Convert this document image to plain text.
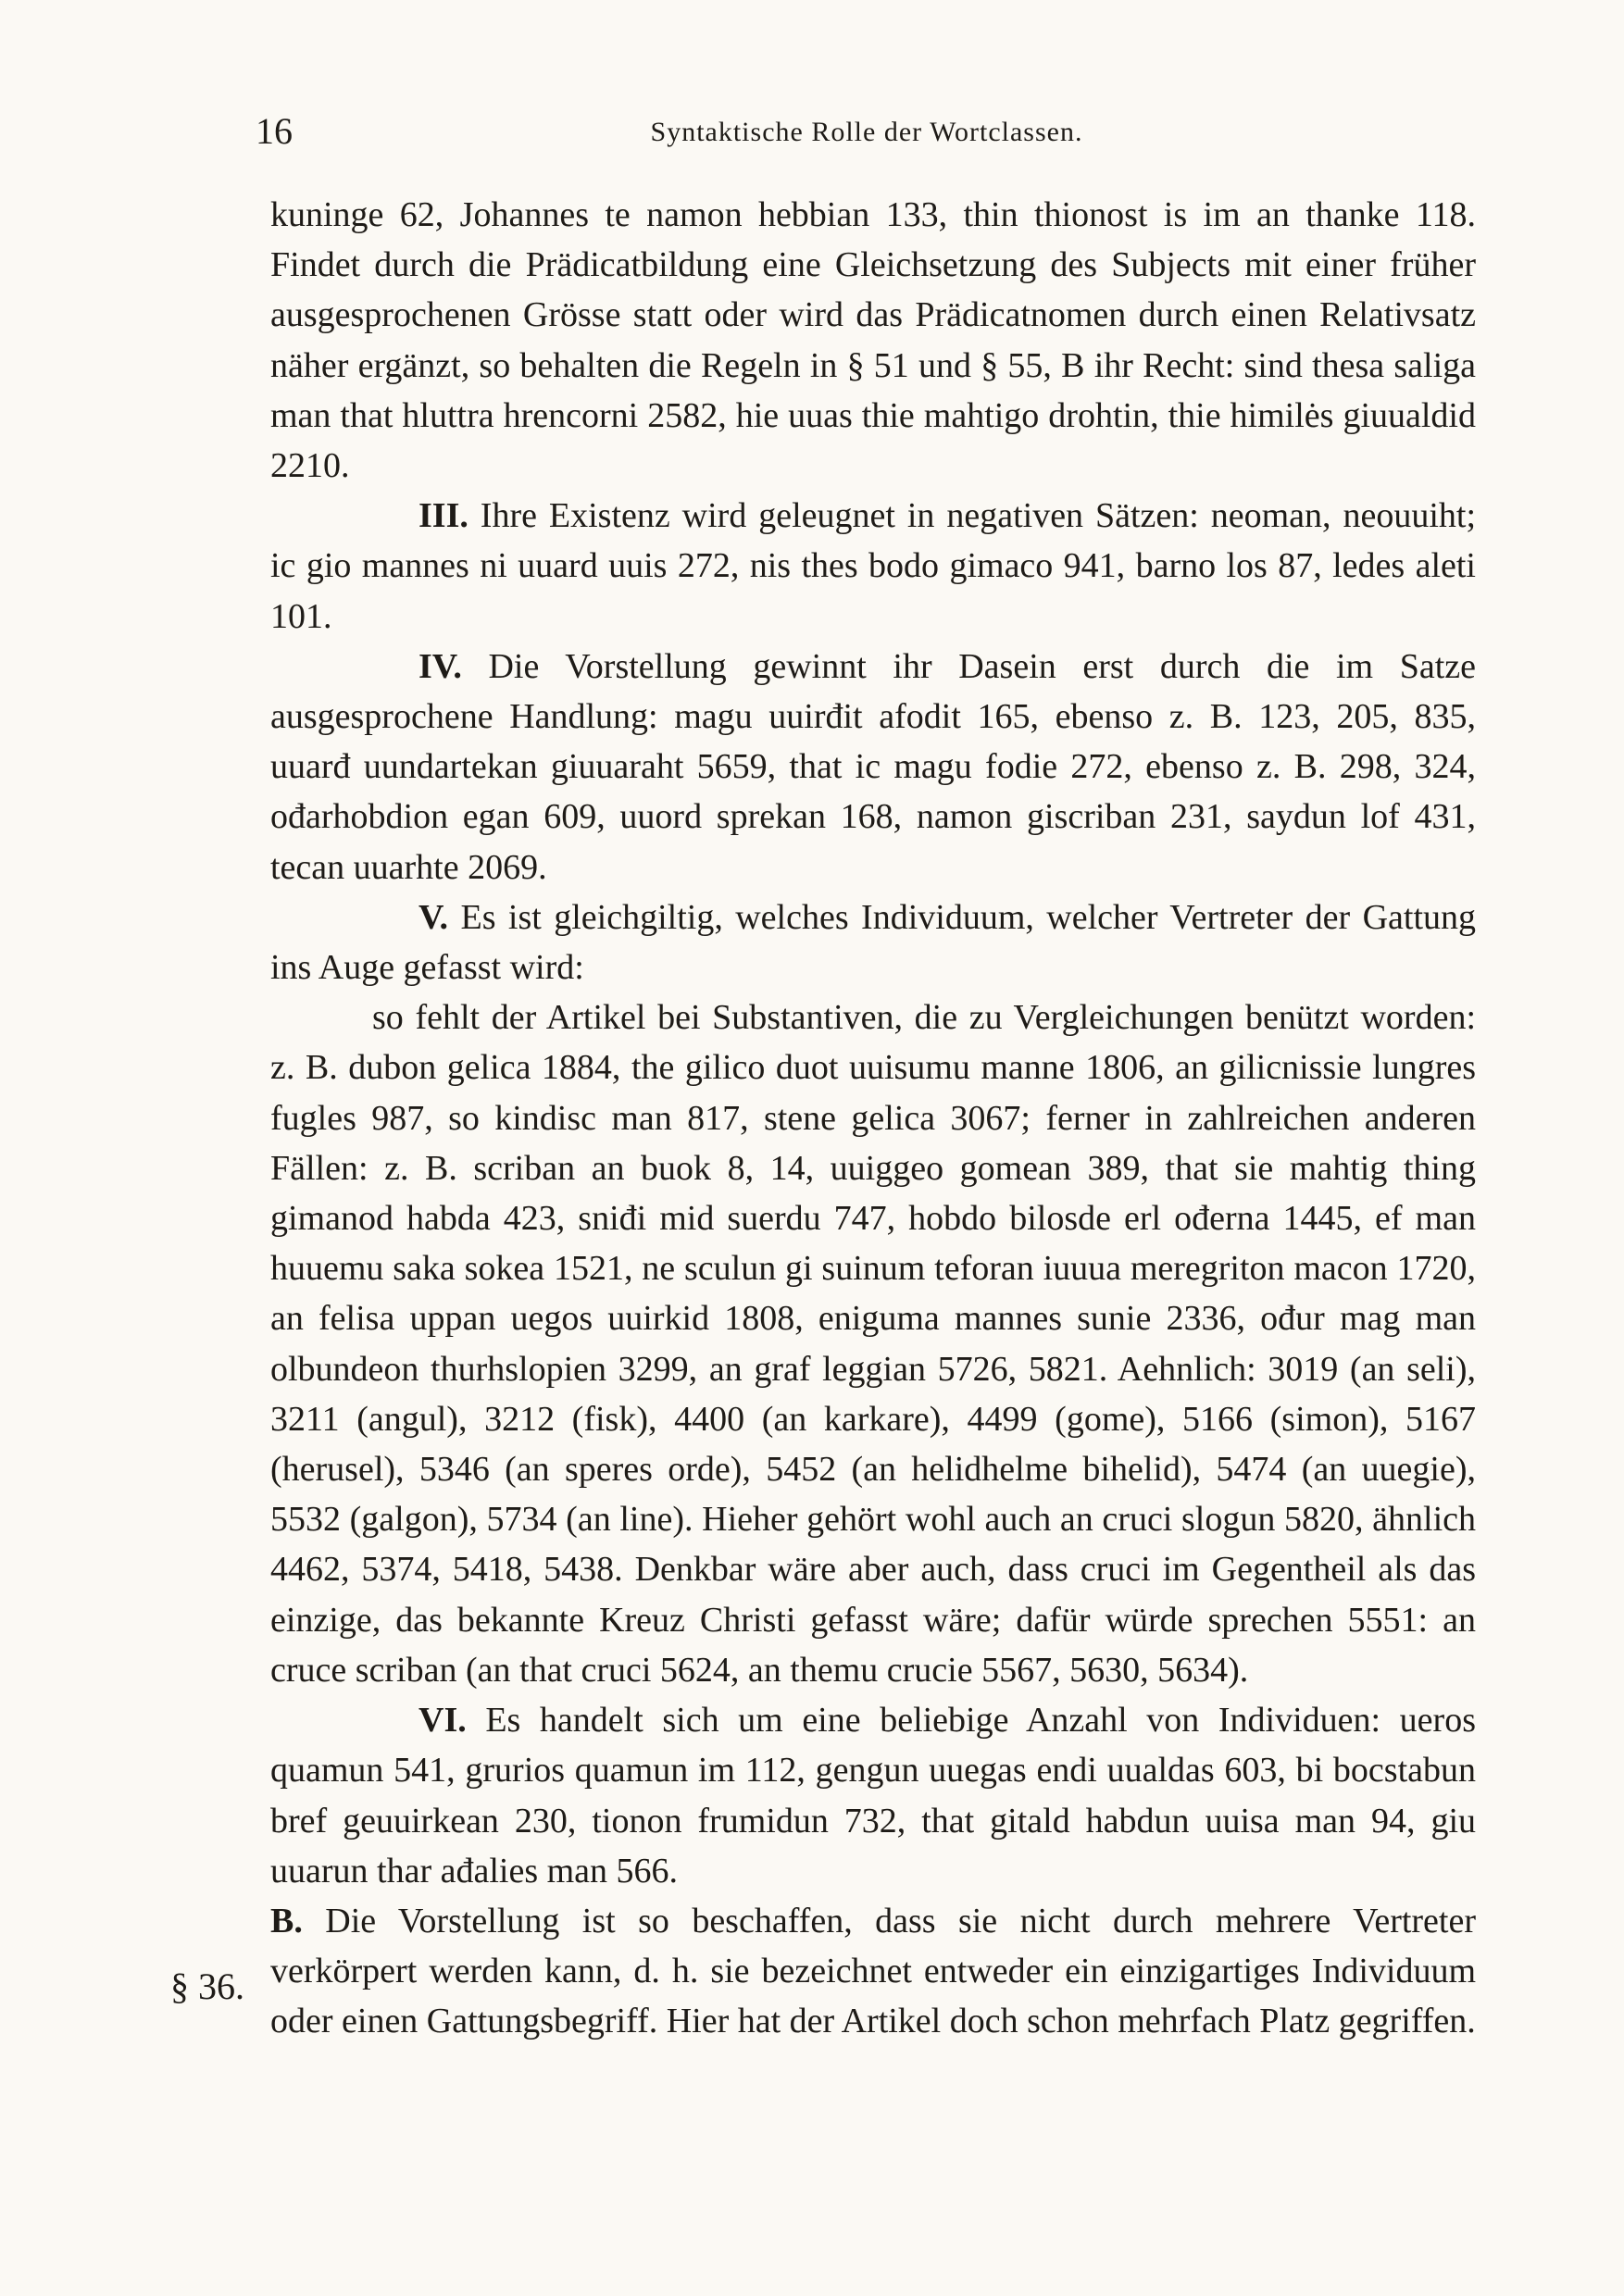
16	Syntaktische Rolle der Wortclassen.
§ 36.

kuninge 62, Johannes te namon hebbian 133, thin thionost is im an thanke 118. Findet durch die Prädicatbildung eine Gleichsetzung des Subjects mit einer früher ausgesprochenen Grösse statt oder wird das Prädicatnomen durch einen Relativsatz näher ergänzt, so behalten die Regeln in § 51 und § 55, B ihr Recht: sind thesa saliga man that hluttra hrencorni 2582, hie uuas thie mahtigo drohtin, thie himilės giuualdid 2210.

III. Ihre Existenz wird geleugnet in negativen Sätzen: neoman, neouuiht; ic gio mannes ni uuard uuis 272, nis thes bodo gimaco 941, barno los 87, ledes aleti 101.

IV. Die Vorstellung gewinnt ihr Dasein erst durch die im Satze ausgesprochene Handlung: magu uuirđit afodit 165, ebenso z. B. 123, 205, 835, uuarđ uundartekan giuuaraht 5659, that ic magu fodie 272, ebenso z. B. 298, 324, ođarhobdion egan 609, uuord sprekan 168, namon giscriban 231, saydun lof 431, tecan uuarhte 2069.

V. Es ist gleichgiltig, welches Individuum, welcher Vertreter der Gattung ins Auge gefasst wird:

so fehlt der Artikel bei Substantiven, die zu Vergleichungen benützt worden: z. B. dubon gelica 1884, the gilico duot uuisumu manne 1806, an gilicnissie lungres fugles 987, so kindisc man 817, stene gelica 3067; ferner in zahlreichen anderen Fällen: z. B. scriban an buok 8, 14, uuiggeo gomean 389, that sie mahtig thing gimanod habda 423, sniđi mid suerdu 747, hobdo bilosde erl ođerna 1445, ef man huuemu saka sokea 1521, ne sculun gi suinum teforan iuuua meregriton macon 1720, an felisa uppan uegos uuirkid 1808, eniguma mannes sunie 2336, ođur mag man olbundeon thurhslopien 3299, an graf leggian 5726, 5821. Aehnlich: 3019 (an seli), 3211 (angul), 3212 (fisk), 4400 (an karkare), 4499 (gome), 5166 (simon), 5167 (herusel), 5346 (an speres orde), 5452 (an helidhelme bihelid), 5474 (an uuegie), 5532 (galgon), 5734 (an line). Hieher gehört wohl auch an cruci slogun 5820, ähnlich 4462, 5374, 5418, 5438. Denkbar wäre aber auch, dass cruci im Gegentheil als das einzige, das bekannte Kreuz Christi gefasst wäre; dafür würde sprechen 5551: an cruce scriban (an that cruci 5624, an themu crucie 5567, 5630, 5634).

VI. Es handelt sich um eine beliebige Anzahl von Individuen: ueros quamun 541, grurios quamun im 112, gengun uuegas endi uualdas 603, bi bocstabun bref geuuirkean 230, tionon frumidun 732, that gitald habdun uuisa man 94, giu uuarun thar ađalies man 566.

B. Die Vorstellung ist so beschaffen, dass sie nicht durch mehrere Vertreter verkörpert werden kann, d. h. sie bezeichnet entweder ein einzigartiges Individuum oder einen Gattungsbegriff. Hier hat der Artikel doch schon mehrfach Platz gegriffen.
